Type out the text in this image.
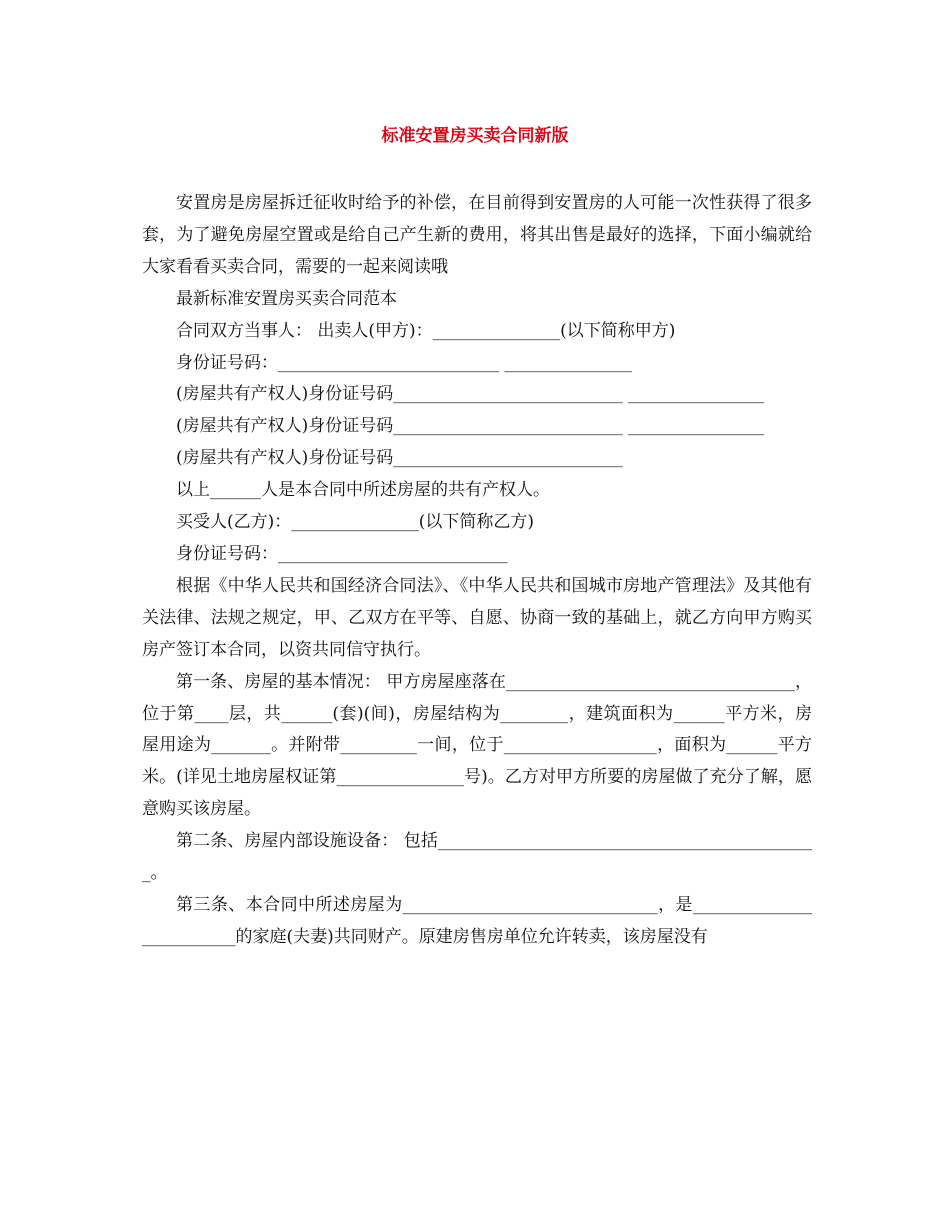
标准安置房买卖合同新版

安置房是房屋拆迁征收时给予的补偿，在目前得到安置房的人可能一次性获得了很多套，为了避免房屋空置或是给自己产生新的费用，将其出售是最好的选择，下面小编就给大家看看买卖合同，需要的一起来阅读哦

最新标准安置房买卖合同范本

合同双方当事人： 出卖人(甲方)：_______________(以下简称甲方)

身份证号码：__________________________ _______________

(房屋共有产权人)身份证号码___________________________ ________________

(房屋共有产权人)身份证号码___________________________ ________________

(房屋共有产权人)身份证号码___________________________

以上______人是本合同中所述房屋的共有产权人。

买受人(乙方)：_______________(以下简称乙方)

身份证号码：___________________________

根据《中华人民共和国经济合同法》、《中华人民共和国城市房地产管理法》及其他有关法律、法规之规定，甲、乙双方在平等、自愿、协商一致的基础上，就乙方向甲方购买房产签订本合同，以资共同信守执行。

第一条、房屋的基本情况： 甲方房屋座落在__________________________________，位于第____层，共______(套)(间)，房屋结构为________，建筑面积为______平方米，房屋用途为_______。并附带_________一间，位于__________________，面积为______平方米。(详见土地房屋权证第_______________号)。乙方对甲方所要的房屋做了充分了解，愿意购买该房屋。

第二条、房屋内部设施设备： 包括_____________________________________________。

第三条、本合同中所述房屋为______________________________，是_________________________的家庭(夫妻)共同财产。原建房售房单位允许转卖，该房屋没有
